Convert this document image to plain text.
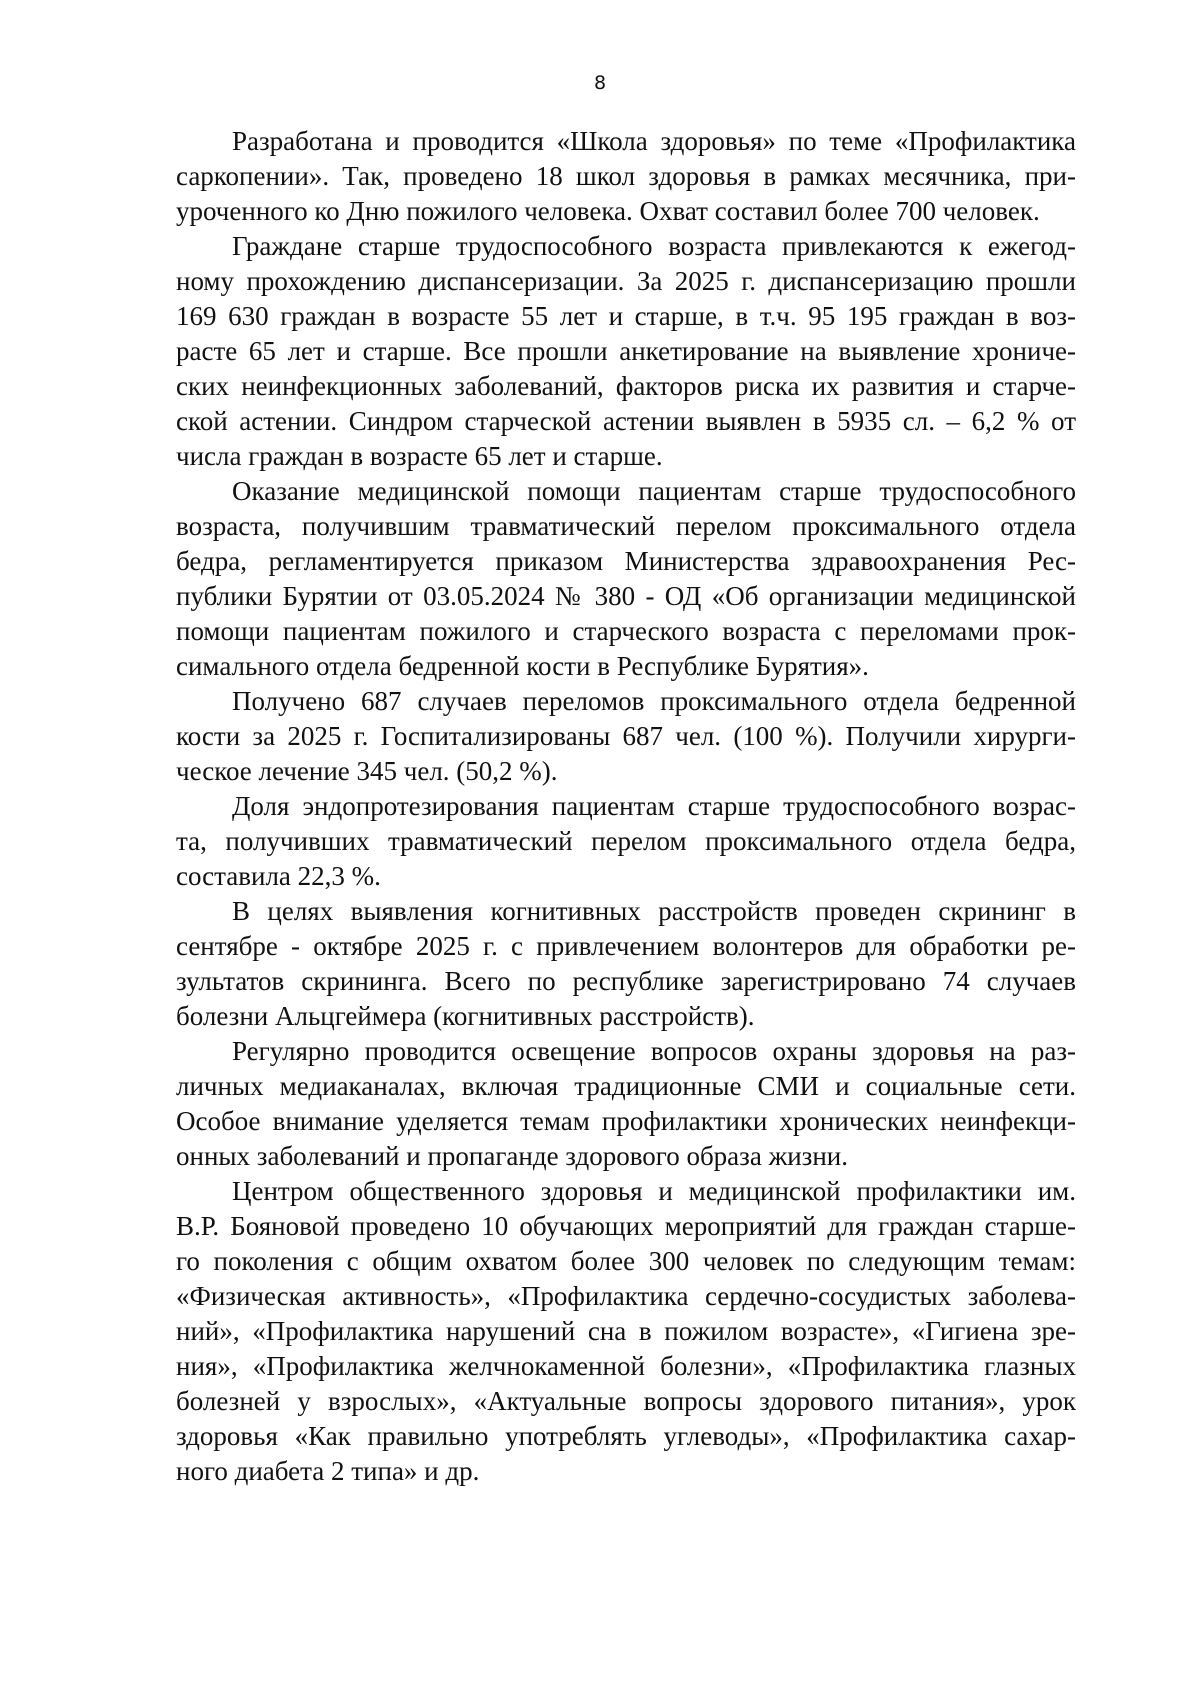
8
Разработана и проводится «Школа здоровья» по теме «Профилактика
саркопении». Так, проведено 18 школ здоровья в рамках месячника, при-
уроченного ко Дню пожилого человека. Охват составил более 700 человек.
Граждане старше трудоспособного возраста привлекаются к ежегод-
ному прохождению диспансеризации. За 2025 г. диспансеризацию прошли
169 630 граждан в возрасте 55 лет и старше, в т.ч. 95 195 граждан в воз-
расте 65 лет и старше. Все прошли анкетирование на выявление хрониче-
ских неинфекционных заболеваний, факторов риска их развития и старче-
ской астении. Синдром старческой астении выявлен в 5935 сл. – 6,2 % от
числа граждан в возрасте 65 лет и старше.
Оказание медицинской помощи пациентам старше трудоспособного
возраста, получившим травматический перелом проксимального отдела
бедра, регламентируется приказом Министерства здравоохранения Рес-
публики Бурятии от 03.05.2024 № 380 - ОД «Об организации медицинской
помощи пациентам пожилого и старческого возраста с переломами прок-
симального отдела бедренной кости в Республике Бурятия».
Получено 687 случаев переломов проксимального отдела бедренной
кости за 2025 г. Госпитализированы 687 чел. (100 %). Получили хирурги-
ческое лечение 345 чел. (50,2 %).
Доля эндопротезирования пациентам старше трудоспособного возрас-
та, получивших травматический перелом проксимального отдела бедра,
составила 22,3 %.
В целях выявления когнитивных расстройств проведен скрининг в
сентябре - октябре 2025 г. с привлечением волонтеров для обработки ре-
зультатов скрининга. Всего по республике зарегистрировано 74 случаев
болезни Альцгеймера (когнитивных расстройств).
Регулярно проводится освещение вопросов охраны здоровья на раз-
личных медиаканалах, включая традиционные СМИ и социальные сети.
Особое внимание уделяется темам профилактики хронических неинфекци-
онных заболеваний и пропаганде здорового образа жизни.
Центром общественного здоровья и медицинской профилактики им.
В.Р. Бояновой проведено 10 обучающих мероприятий для граждан старше-
го поколения с общим охватом более 300 человек по следующим темам:
«Физическая активность», «Профилактика сердечно-сосудистых заболева-
ний», «Профилактика нарушений сна в пожилом возрасте», «Гигиена зре-
ния», «Профилактика желчнокаменной болезни», «Профилактика глазных
болезней у взрослых», «Актуальные вопросы здорового питания», урок
здоровья «Как правильно употреблять углеводы», «Профилактика сахар-
ного диабета 2 типа» и др.
